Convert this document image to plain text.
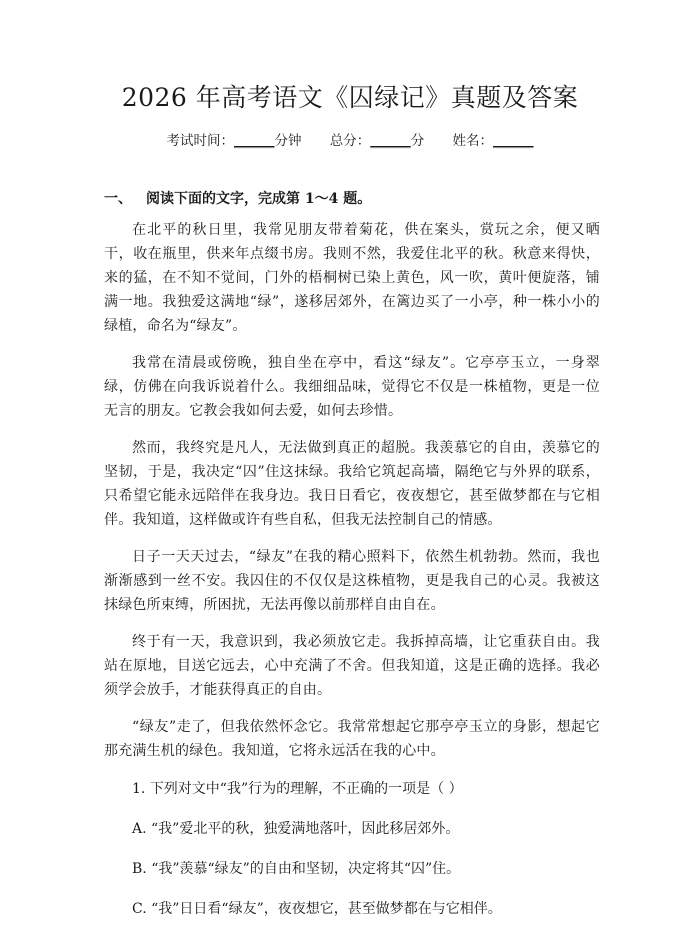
2026 年高考语文《囚绿记》真题及答案
考试时间：______分钟 总分：______分 姓名：______
一、 阅读下面的文字，完成第 1～4 题。

在北平的秋日里，我常见朋友带着菊花，供在案头，赏玩之余，便又晒干，收在瓶里，供来年点缀书房。我则不然，我爱住北平的秋。秋意来得快，来的猛，在不知不觉间，门外的梧桐树已染上黄色，风一吹，黄叶便旋落，铺满一地。我独爱这满地“绿”，遂移居郊外，在篱边买了一小亭，种一株小小的绿植，命名为“绿友”。

我常在清晨或傍晚，独自坐在亭中，看这“绿友”。它亭亭玉立，一身翠绿，仿佛在向我诉说着什么。我细细品味，觉得它不仅是一株植物，更是一位无言的朋友。它教会我如何去爱，如何去珍惜。

然而，我终究是凡人，无法做到真正的超脱。我羡慕它的自由，羡慕它的坚韧，于是，我决定“囚”住这抹绿。我给它筑起高墙，隔绝它与外界的联系，只希望它能永远陪伴在我身边。我日日看它，夜夜想它，甚至做梦都在与它相伴。我知道，这样做或许有些自私，但我无法控制自己的情感。

日子一天天过去，“绿友”在我的精心照料下，依然生机勃勃。然而，我也渐渐感到一丝不安。我囚住的不仅仅是这株植物，更是我自己的心灵。我被这抹绿色所束缚，所困扰，无法再像以前那样自由自在。

终于有一天，我意识到，我必须放它走。我拆掉高墙，让它重获自由。我站在原地，目送它远去，心中充满了不舍。但我知道，这是正确的选择。我必须学会放手，才能获得真正的自由。

“绿友”走了，但我依然怀念它。我常常想起它那亭亭玉立的身影，想起它那充满生机的绿色。我知道，它将永远活在我的心中。

1. 下列对文中“我”行为的理解，不正确的一项是（ ）

A. “我”爱北平的秋，独爱满地落叶，因此移居郊外。

B. “我”羡慕“绿友”的自由和坚韧，决定将其“囚”住。

C. “我”日日看“绿友”，夜夜想它，甚至做梦都在与它相伴。
